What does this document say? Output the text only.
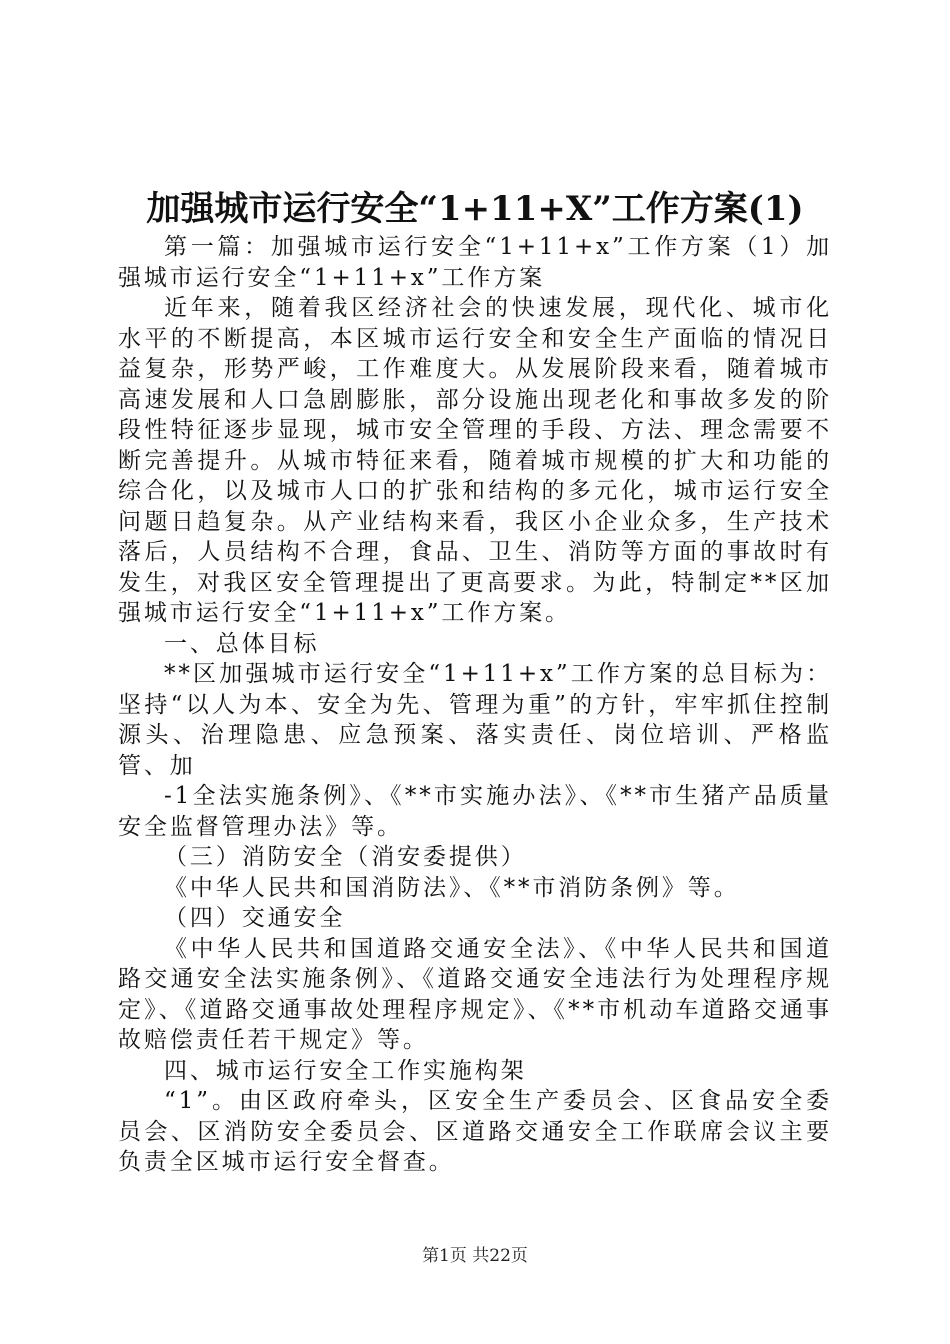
加强城市运行安全“1+11+X”工作方案(1)

第一篇：加强城市运行安全“1+11+x”工作方案（1）加强城市运行安全“1+11+x”工作方案

近年来，随着我区经济社会的快速发展，现代化、城市化水平的不断提高，本区城市运行安全和安全生产面临的情况日益复杂，形势严峻，工作难度大。从发展阶段来看，随着城市高速发展和人口急剧膨胀，部分设施出现老化和事故多发的阶段性特征逐步显现，城市安全管理的手段、方法、理念需要不断完善提升。从城市特征来看，随着城市规模的扩大和功能的综合化，以及城市人口的扩张和结构的多元化，城市运行安全问题日趋复杂。从产业结构来看，我区小企业众多，生产技术落后，人员结构不合理，食品、卫生、消防等方面的事故时有发生，对我区安全管理提出了更高要求。为此，特制定**区加强城市运行安全“1+11+x”工作方案。

一、总体目标

**区加强城市运行安全“1+11+x”工作方案的总目标为：坚持“以人为本、安全为先、管理为重”的方针，牢牢抓住控制源头、治理隐患、应急预案、落实责任、岗位培训、严格监管、加

-1全法实施条例》、《**市实施办法》、《**市生猪产品质量安全监督管理办法》等。

（三）消防安全（消安委提供）

《中华人民共和国消防法》、《**市消防条例》等。

（四）交通安全

《中华人民共和国道路交通安全法》、《中华人民共和国道路交通安全法实施条例》、《道路交通安全违法行为处理程序规定》、《道路交通事故处理程序规定》、《**市机动车道路交通事故赔偿责任若干规定》等。

四、城市运行安全工作实施构架

“1”。由区政府牵头，区安全生产委员会、区食品安全委员会、区消防安全委员会、区道路交通安全工作联席会议主要负责全区城市运行安全督查。

第1页 共22页
